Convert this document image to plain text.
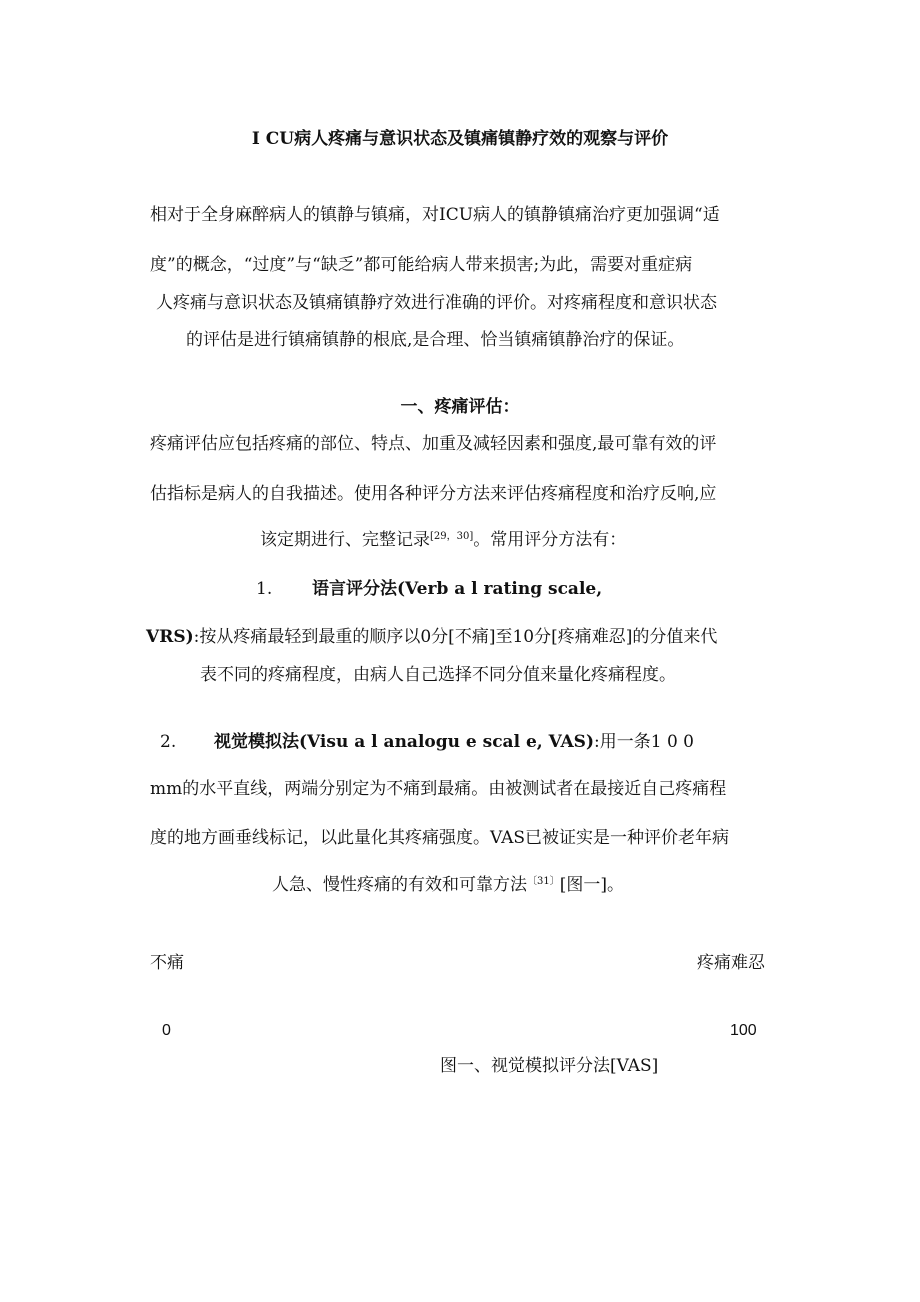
I CU病人疼痛与意识状态及镇痛镇静疗效的观察与评价
相对于全身麻醉病人的镇静与镇痛，对ICU病人的镇静镇痛治疗更加强调“适
度”的概念，“过度”与“缺乏”都可能给病人带来损害;为此，需要对重症病
人疼痛与意识状态及镇痛镇静疗效进行准确的评价。对疼痛程度和意识状态
的评估是进行镇痛镇静的根底,是合理、恰当镇痛镇静治疗的保证。
一、疼痛评估：
疼痛评估应包括疼痛的部位、特点、加重及减轻因素和强度,最可靠有效的评
估指标是病人的自我描述。使用各种评分方法来评估疼痛程度和治疗反响,应
该定期进行、完整记录[29，30]。常用评分方法有：
1. 语言评分法(Verb a l rating scale,
VRS):按从疼痛最轻到最重的顺序以0分[不痛]至10分[疼痛难忍]的分值来代
表不同的疼痛程度，由病人自己选择不同分值来量化疼痛程度。
2. 视觉模拟法(Visu a l analogu e scal e, VAS):用一条1 0 0
mm的水平直线，两端分别定为不痛到最痛。由被测试者在最接近自己疼痛程
度的地方画垂线标记，以此量化其疼痛强度。VAS已被证实是一种评价老年病
人急、慢性疼痛的有效和可靠方法$^{〔31〕}$[图一]。
不痛	疼痛难忍
0	100
图一、视觉模拟评分法[VAS]
